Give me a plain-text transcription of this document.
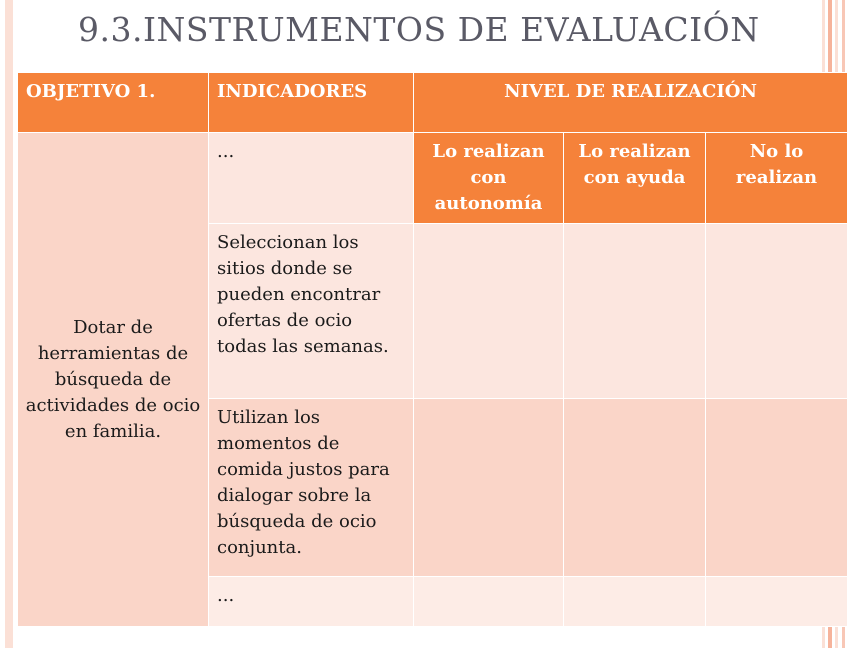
9.3.INSTRUMENTOS DE EVALUACIÓN
OBJETIVO 1.	INDICADORES	NIVEL DE REALIZACIÓN		
Dotar de herramientas de búsqueda de actividades de ocio en familia.	...	Lo realizan con autonomía	Lo realizan con ayuda	No lo realizan
	Seleccionan los sitios donde se pueden encontrar ofertas de ocio todas las semanas.			
	Utilizan los momentos de comida justos para dialogar sobre la búsqueda de ocio conjunta.			
	...			
